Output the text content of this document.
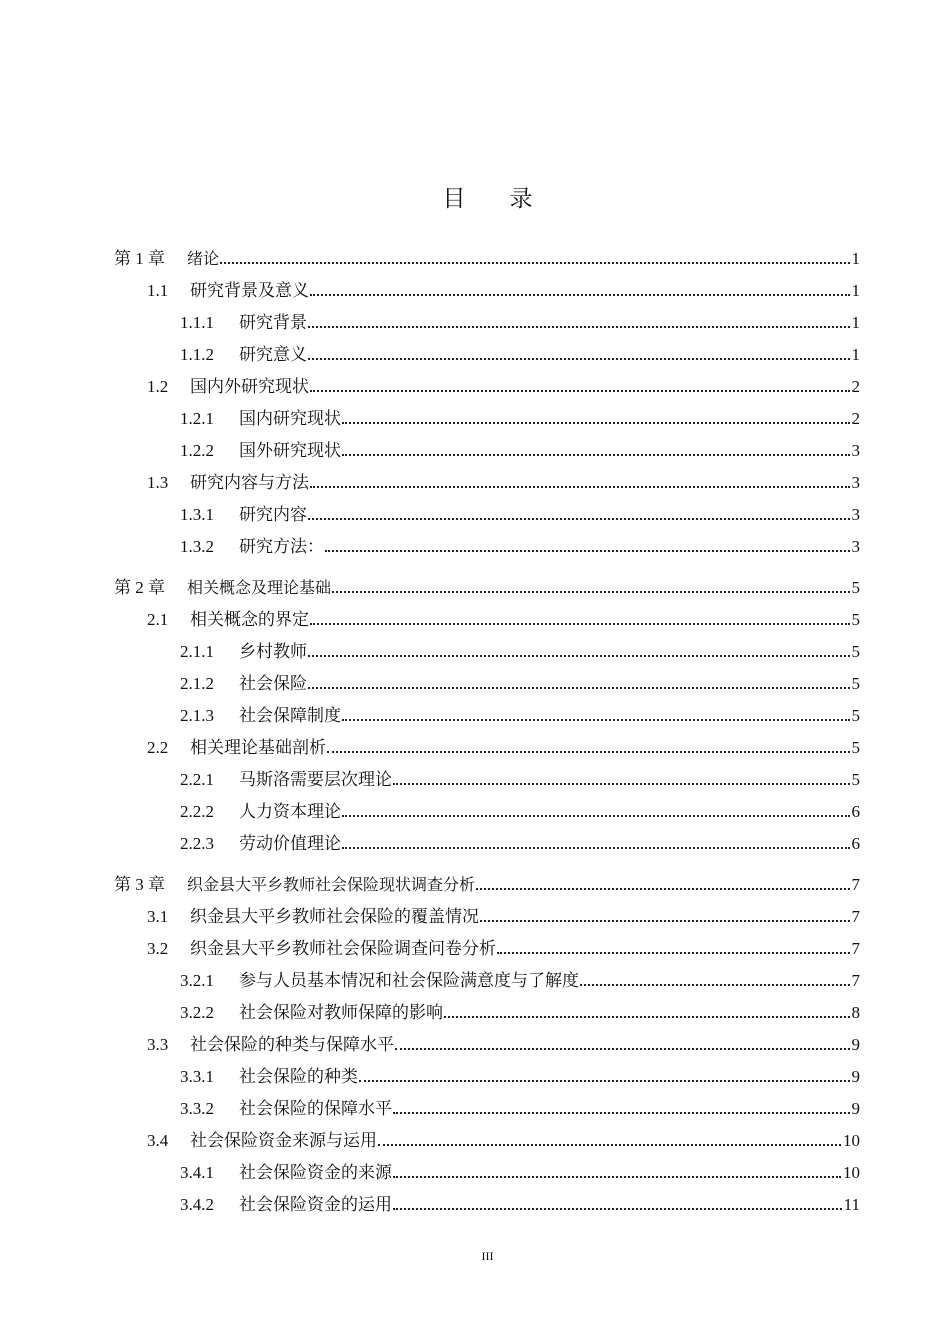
目 录
第 1 章	绪论	1
1.1	研究背景及意义	1
1.1.1	研究背景	1
1.1.2	研究意义	1
1.2	国内外研究现状	2
1.2.1	国内研究现状	2
1.2.2	国外研究现状	3
1.3	研究内容与方法	3
1.3.1	研究内容	3
1.3.2	研究方法：	3
第 2 章	相关概念及理论基础	5
2.1	相关概念的界定	5
2.1.1	乡村教师	5
2.1.2	社会保险	5
2.1.3	社会保障制度	5
2.2	相关理论基础剖析	5
2.2.1	马斯洛需要层次理论	5
2.2.2	人力资本理论	6
2.2.3	劳动价值理论	6
第 3 章	织金县大平乡教师社会保险现状调查分析	7
3.1	织金县大平乡教师社会保险的覆盖情况	7
3.2	织金县大平乡教师社会保险调查问卷分析	7
3.2.1	参与人员基本情况和社会保险满意度与了解度	7
3.2.2	社会保险对教师保障的影响	8
3.3	社会保险的种类与保障水平	9
3.3.1	社会保险的种类	9
3.3.2	社会保险的保障水平	9
3.4	社会保险资金来源与运用	10
3.4.1	社会保险资金的来源	10
3.4.2	社会保险资金的运用	11
III
